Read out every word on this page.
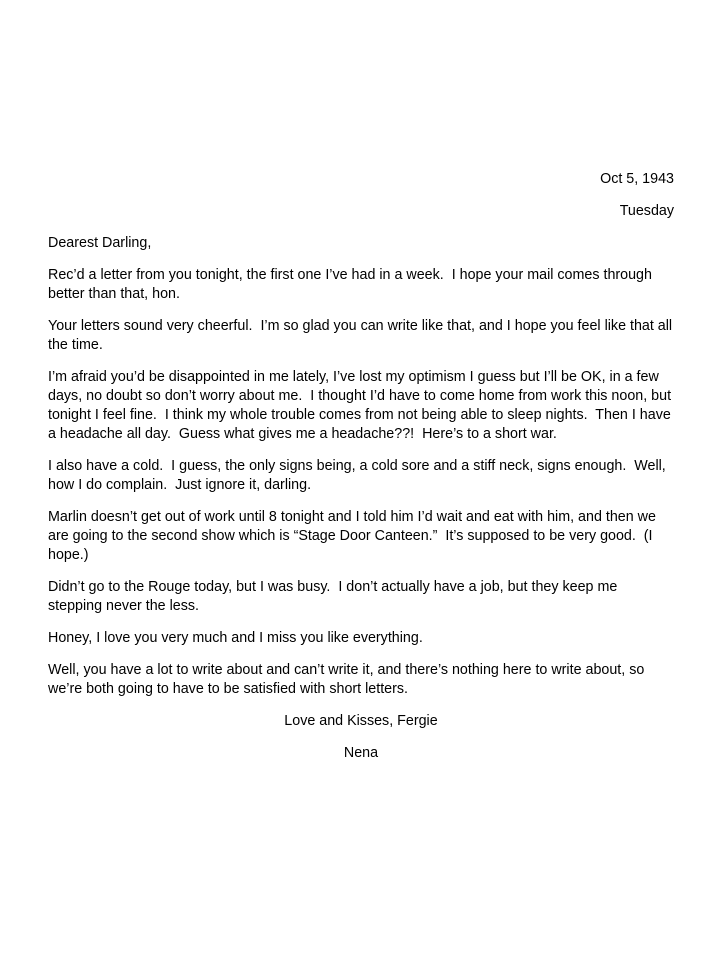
Oct 5, 1943
Tuesday

Dearest Darling,

Rec’d a letter from you tonight, the first one I’ve had in a week.  I hope your mail comes through better than that, hon.

Your letters sound very cheerful.  I’m so glad you can write like that, and I hope you feel like that all the time.

I’m afraid you’d be disappointed in me lately, I’ve lost my optimism I guess but I’ll be OK, in a few days, no doubt so don’t worry about me.  I thought I’d have to come home from work this noon, but tonight I feel fine.  I think my whole trouble comes from not being able to sleep nights.  Then I have a headache all day.  Guess what gives me a headache??!  Here’s to a short war.

I also have a cold.  I guess, the only signs being, a cold sore and a stiff neck, signs enough.  Well, how I do complain.  Just ignore it, darling.

Marlin doesn’t get out of work until 8 tonight and I told him I’d wait and eat with him, and then we are going to the second show which is “Stage Door Canteen.”  It’s supposed to be very good.  (I hope.)

Didn’t go to the Rouge today, but I was busy.  I don’t actually have a job, but they keep me stepping never the less.

Honey, I love you very much and I miss you like everything.

Well, you have a lot to write about and can’t write it, and there’s nothing here to write about, so we’re both going to have to be satisfied with short letters.

Love and Kisses, Fergie
Nena
